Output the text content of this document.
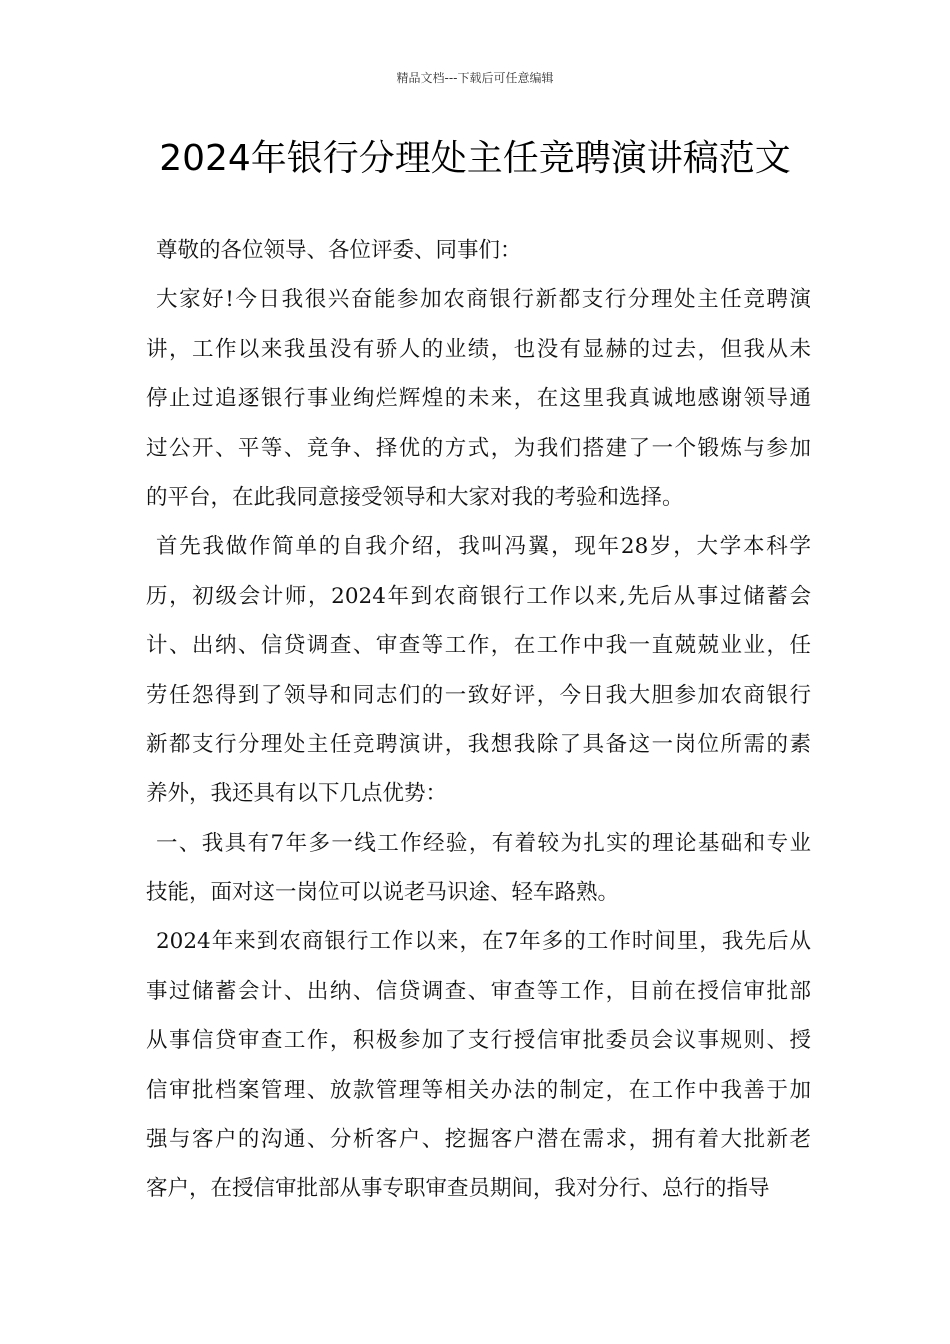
精品文档---下载后可任意编辑
2024年银行分理处主任竞聘演讲稿范文
尊敬的各位领导、各位评委、同事们：
大家好!今日我很兴奋能参加农商银行新都支行分理处主任竞聘演
讲，工作以来我虽没有骄人的业绩，也没有显赫的过去，但我从未
停止过追逐银行事业绚烂辉煌的未来，在这里我真诚地感谢领导通
过公开、平等、竞争、择优的方式，为我们搭建了一个锻炼与参加
的平台，在此我同意接受领导和大家对我的考验和选择。
首先我做作简单的自我介绍，我叫冯翼，现年28岁，大学本科学
历，初级会计师，2024年到农商银行工作以来,先后从事过储蓄会
计、出纳、信贷调查、审查等工作，在工作中我一直兢兢业业，任
劳任怨得到了领导和同志们的一致好评，今日我大胆参加农商银行
新都支行分理处主任竞聘演讲，我想我除了具备这一岗位所需的素
养外，我还具有以下几点优势：
一、我具有7年多一线工作经验，有着较为扎实的理论基础和专业
技能，面对这一岗位可以说老马识途、轻车路熟。
2024年来到农商银行工作以来，在7年多的工作时间里，我先后从
事过储蓄会计、出纳、信贷调查、审查等工作，目前在授信审批部
从事信贷审查工作，积极参加了支行授信审批委员会议事规则、授
信审批档案管理、放款管理等相关办法的制定，在工作中我善于加
强与客户的沟通、分析客户、挖掘客户潜在需求，拥有着大批新老
客户，在授信审批部从事专职审查员期间，我对分行、总行的指导
